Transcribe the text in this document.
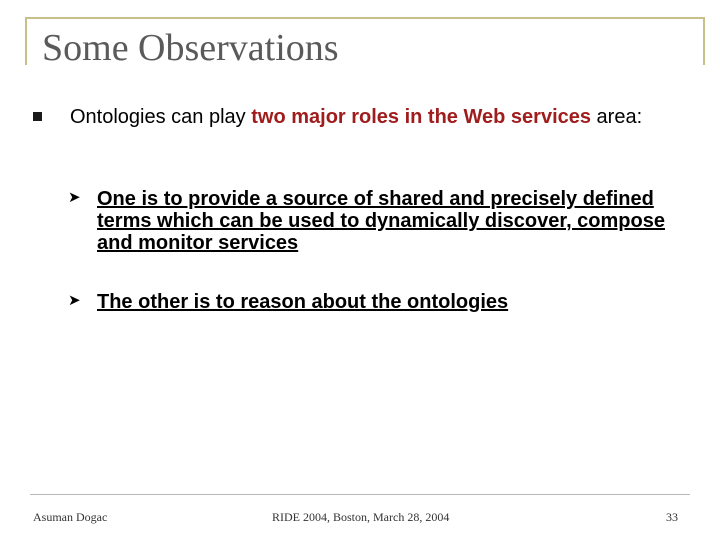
Some Observations
Ontologies can play two major roles in the Web services area:
➤ One is to provide a source of shared and precisely defined terms which can be used to dynamically discover, compose and monitor services
➤ The other is to reason about the ontologies
Asuman Dogac	RIDE 2004, Boston, March 28, 2004	33
